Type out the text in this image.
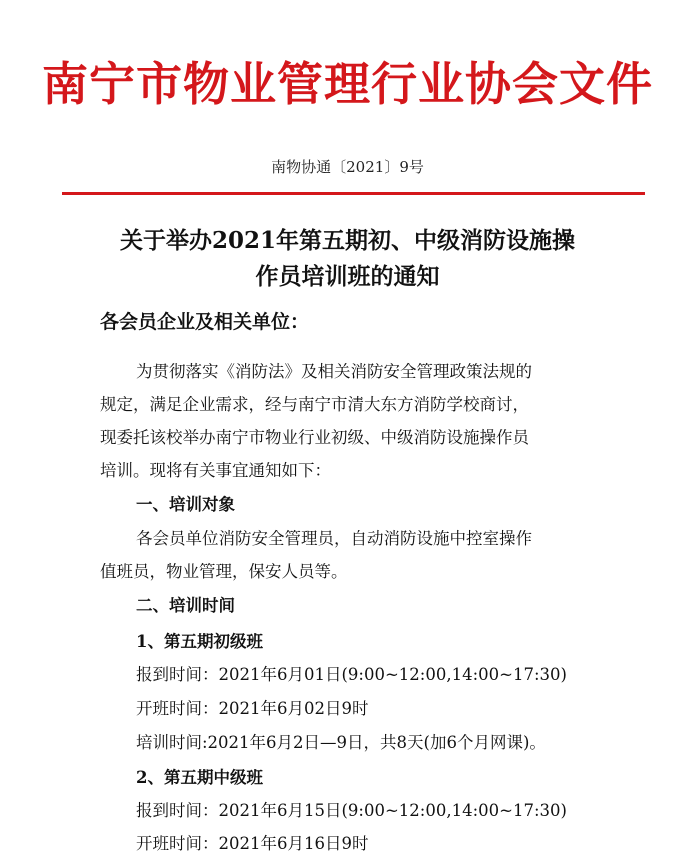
南宁市物业管理行业协会文件
南物协通〔2021〕9号
关于举办2021年第五期初、中级消防设施操
作员培训班的通知
各会员企业及相关单位：
为贯彻落实《消防法》及相关消防安全管理政策法规的
规定，满足企业需求，经与南宁市清大东方消防学校商讨，
现委托该校举办南宁市物业行业初级、中级消防设施操作员
培训。现将有关事宜通知如下：
一、培训对象
各会员单位消防安全管理员，自动消防设施中控室操作
值班员，物业管理，保安人员等。
二、培训时间
1、第五期初级班
报到时间：2021年6月01日(9:00~12:00,14:00~17:30)
开班时间：2021年6月02日9时
培训时间:2021年6月2日—9日，共8天(加6个月网课)。
2、第五期中级班
报到时间：2021年6月15日(9:00~12:00,14:00~17:30)
开班时间：2021年6月16日9时
